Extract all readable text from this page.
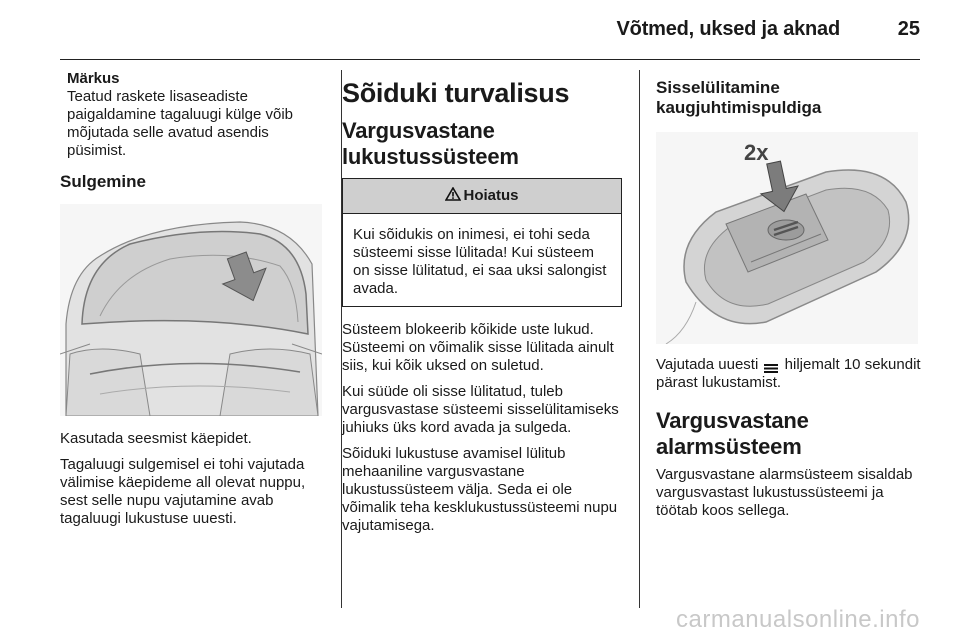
Võtmed, uksed ja aknad	25
Märkus

Teatud raskete lisaseadiste paigaldamine tagaluugi külge võib mõjutada selle avatud asendis püsimist.

Sulgemine

Kasutada seesmist käepidet.

Tagaluugi sulgemisel ei tohi vajutada välimise käepideme all olevat nuppu, sest selle nupu vajutamine avab tagaluugi lukustuse uuesti.

Sõiduki turvalisus
Vargusvastane lukustussüsteem
Hoiatus
Kui sõidukis on inimesi, ei tohi seda süsteemi sisse lülitada! Kui süsteem on sisse lülitatud, ei saa uksi salongist avada.

Süsteem blokeerib kõikide uste lukud. Süsteemi on võimalik sisse lülitada ainult siis, kui kõik uksed on suletud.

Kui süüde oli sisse lülitatud, tuleb vargusvastase süsteemi sisselülitamiseks juhiuks üks kord avada ja sulgeda.

Sõiduki lukustuse avamisel lülitub mehaaniline vargusvastane lukustussüsteem välja. Seda ei ole võimalik teha kesklukustussüsteemi nupu vajutamisega.

Sisselülitamine kaugjuhtimispuldiga
2x

Vajutada uuesti hiljemalt 10 sekundit pärast lukustamist.

Vargusvastane alarmsüsteem

Vargusvastane alarmsüsteem sisaldab vargusvastast lukustussüsteemi ja töötab koos sellega.

carmanualsonline.info
